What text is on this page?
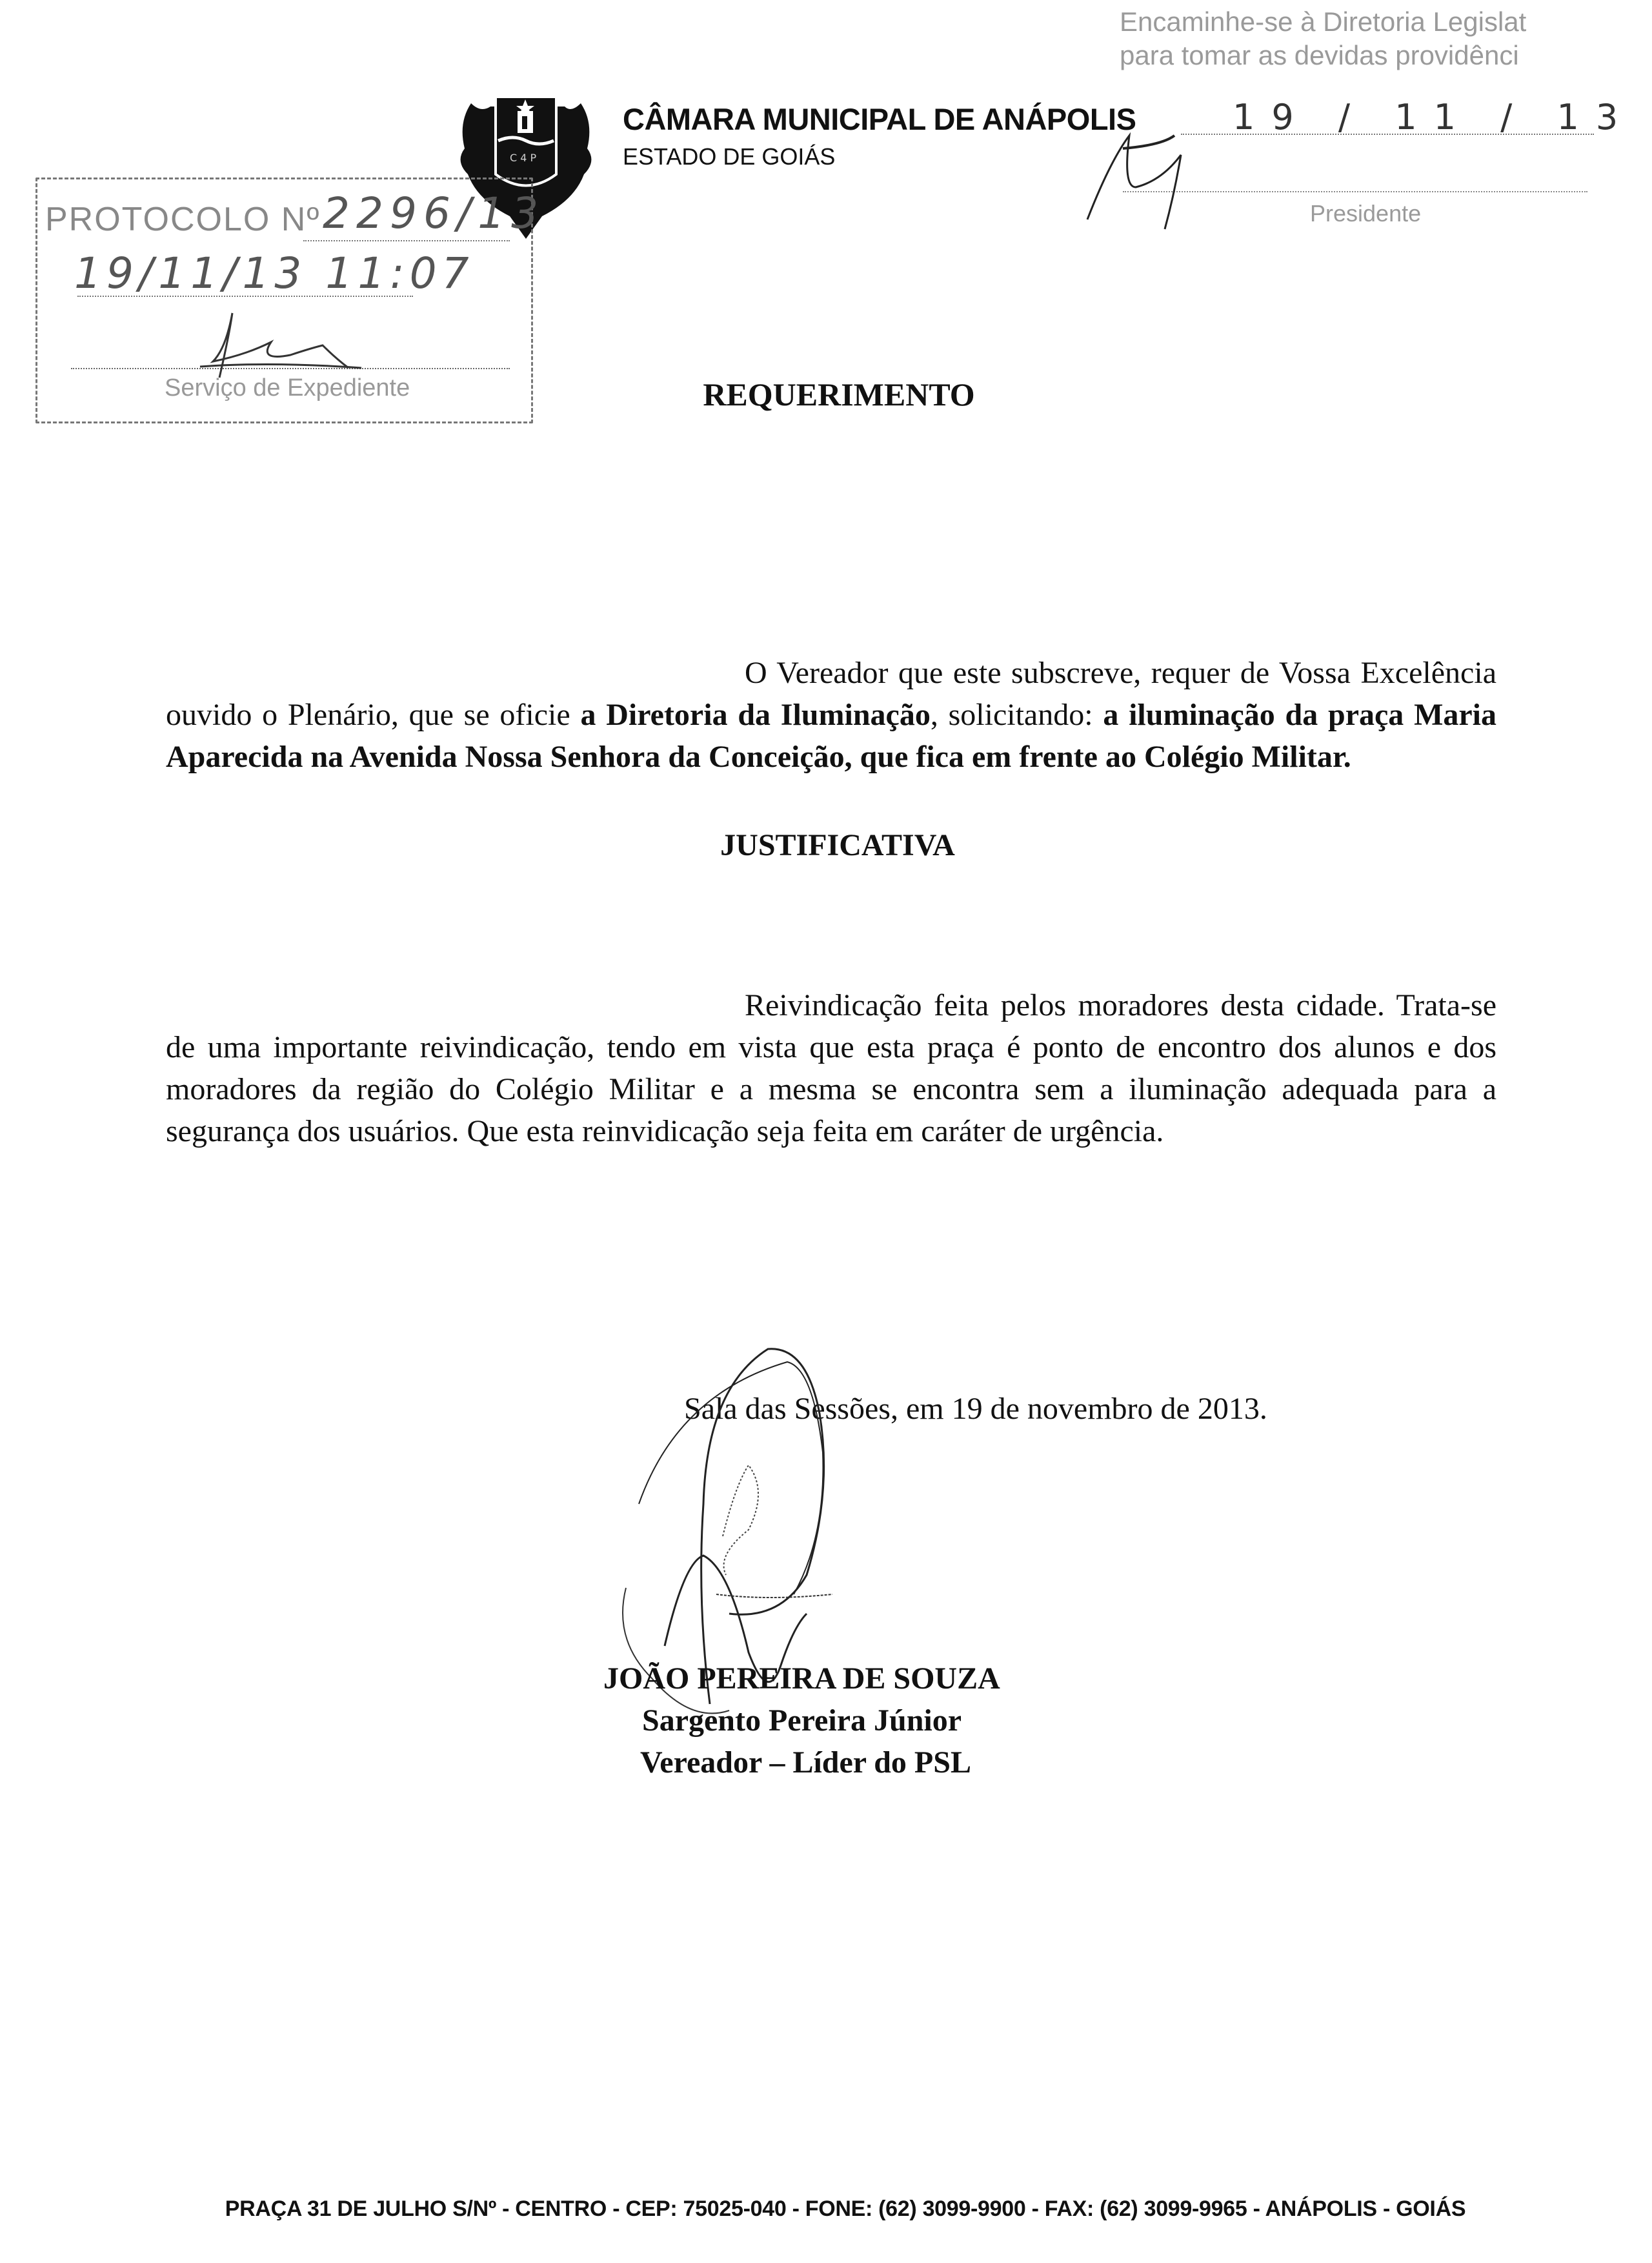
C 4 P
CÂMARA MUNICIPAL DE ANÁPOLIS
ESTADO DE GOIÁS
Encaminhe-se à Diretoria Legislat
para tomar as devidas providênci
19 / 11 / 13
Presidente
PROTOCOLO Nº 2296/13
19/11/13 11:07
Serviço de Expediente	REQUERIMENTO

O Vereador que este subscreve, requer de Vossa Excelência ouvido o Plenário, que se oficie a Diretoria da Iluminação, solicitando: a iluminação da praça Maria Aparecida na Avenida Nossa Senhora da Conceição, que fica em frente ao Colégio Militar.

JUSTIFICATIVA

Reivindicação feita pelos moradores desta cidade. Trata-se de uma importante reivindicação, tendo em vista que esta praça é ponto de encontro dos alunos e dos moradores da região do Colégio Militar e a mesma se encontra sem a iluminação adequada para a segurança dos usuários. Que esta reinvidicação seja feita em caráter de urgência.

Sala das Sessões, em 19 de novembro de 2013.
JOÃO PEREIRA DE SOUZA
Sargento Pereira Júnior
Vereador – Líder do PSL
PRAÇA 31 DE JULHO S/Nº - CENTRO - CEP: 75025-040 - FONE: (62) 3099-9900 - FAX: (62) 3099-9965 - ANÁPOLIS - GOIÁS
